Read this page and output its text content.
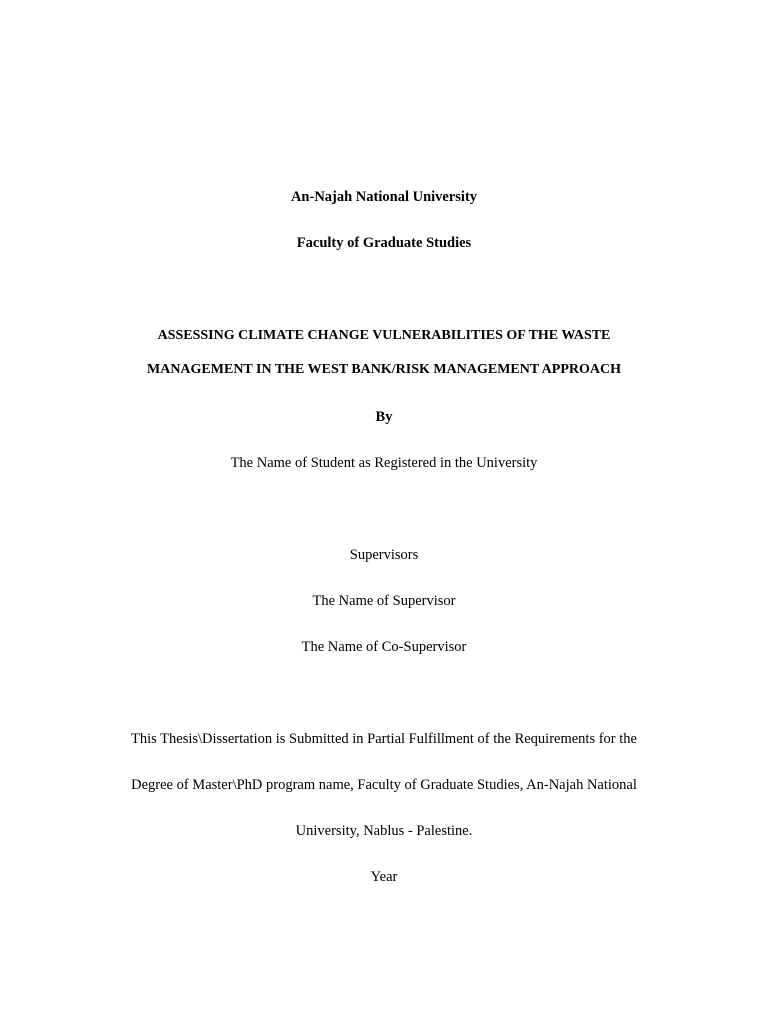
An-Najah National University
Faculty of Graduate Studies
ASSESSING CLIMATE CHANGE VULNERABILITIES OF THE WASTE
MANAGEMENT IN THE WEST BANK/RISK MANAGEMENT APPROACH
By
The Name of Student as Registered in the University
Supervisors
The Name of Supervisor
The Name of Co-Supervisor
This Thesis\Dissertation is Submitted in Partial Fulfillment of the Requirements for the
Degree of Master\PhD program name, Faculty of Graduate Studies, An-Najah National
University, Nablus - Palestine.
Year
